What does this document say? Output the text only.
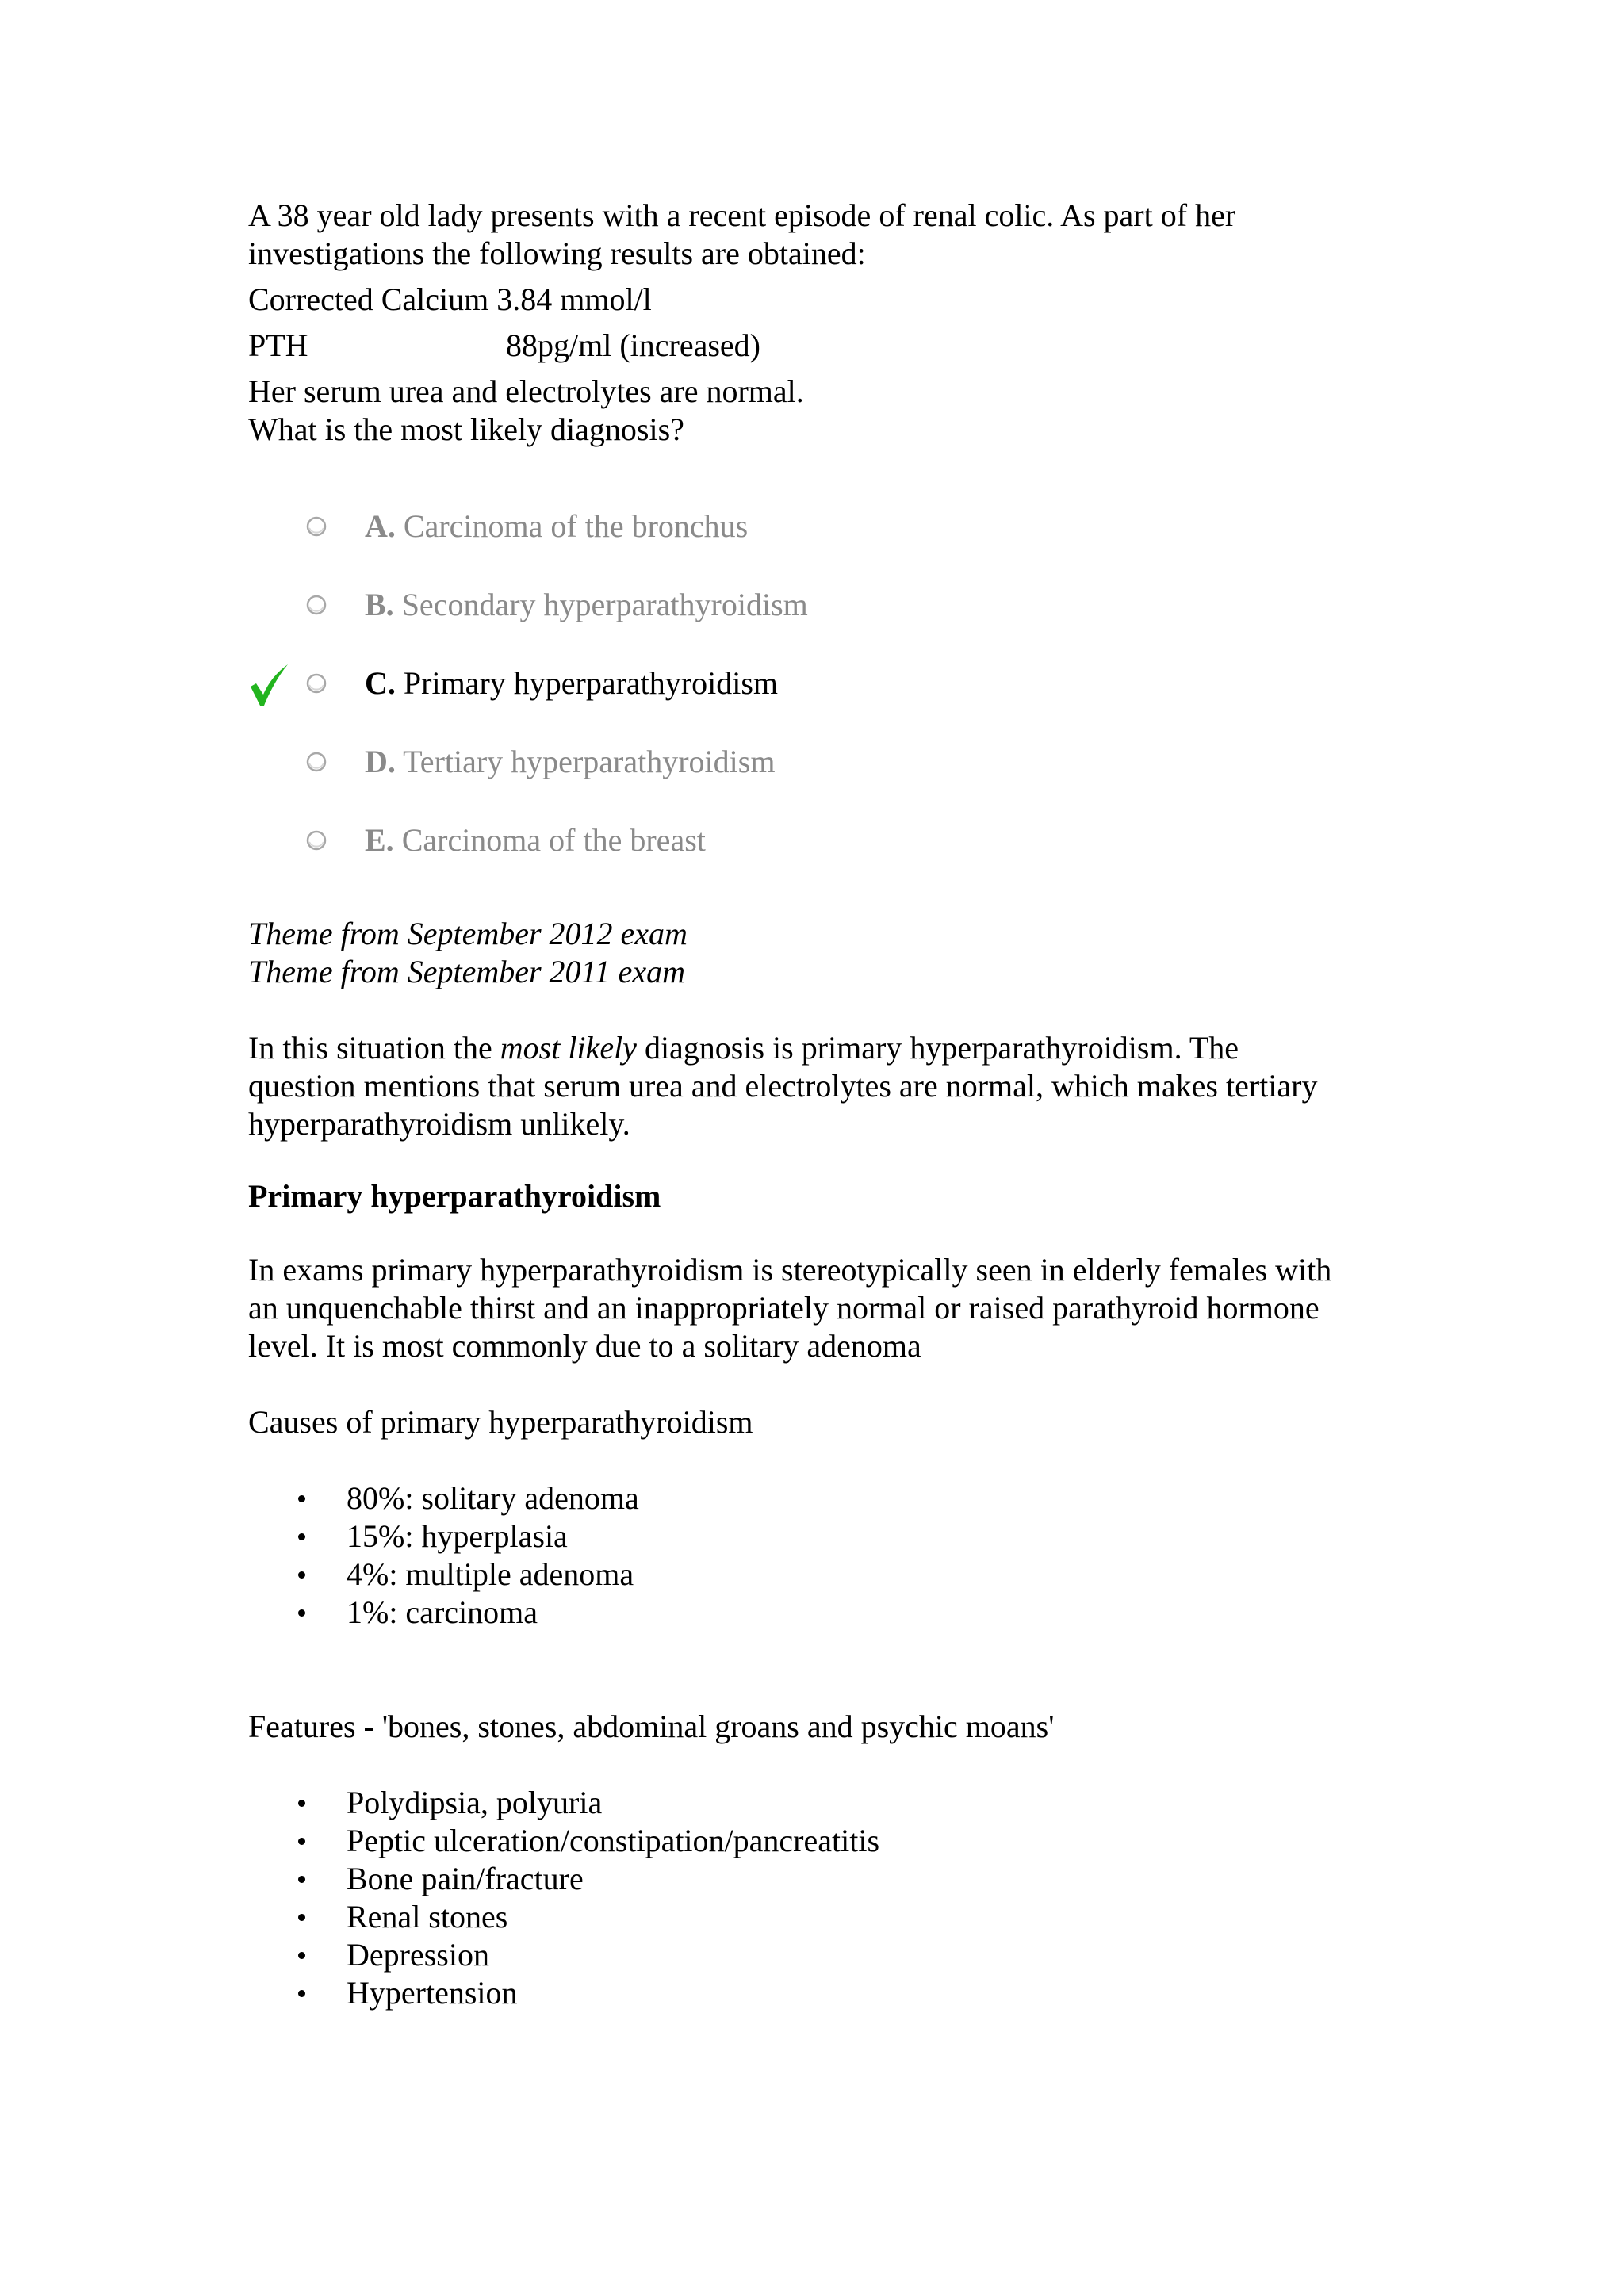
A 38 year old lady presents with a recent episode of renal colic. As part of her
investigations the following results are obtained:
Corrected Calcium 3.84 mmol/l
PTH	88pg/ml (increased)
Her serum urea and electrolytes are normal.
What is the most likely diagnosis?
A. Carcinoma of the bronchus
B. Secondary hyperparathyroidism
C. Primary hyperparathyroidism
D. Tertiary hyperparathyroidism
E. Carcinoma of the breast
Theme from September 2012 exam
Theme from September 2011 exam
In this situation the most likely diagnosis is primary hyperparathyroidism. The
question mentions that serum urea and electrolytes are normal, which makes tertiary
hyperparathyroidism unlikely.
Primary hyperparathyroidism
In exams primary hyperparathyroidism is stereotypically seen in elderly females with
an unquenchable thirst and an inappropriately normal or raised parathyroid hormone
level. It is most commonly due to a solitary adenoma
Causes of primary hyperparathyroidism
80%: solitary adenoma
15%: hyperplasia
4%: multiple adenoma
1%: carcinoma
Features - 'bones, stones, abdominal groans and psychic moans'
Polydipsia, polyuria
Peptic ulceration/constipation/pancreatitis
Bone pain/fracture
Renal stones
Depression
Hypertension
